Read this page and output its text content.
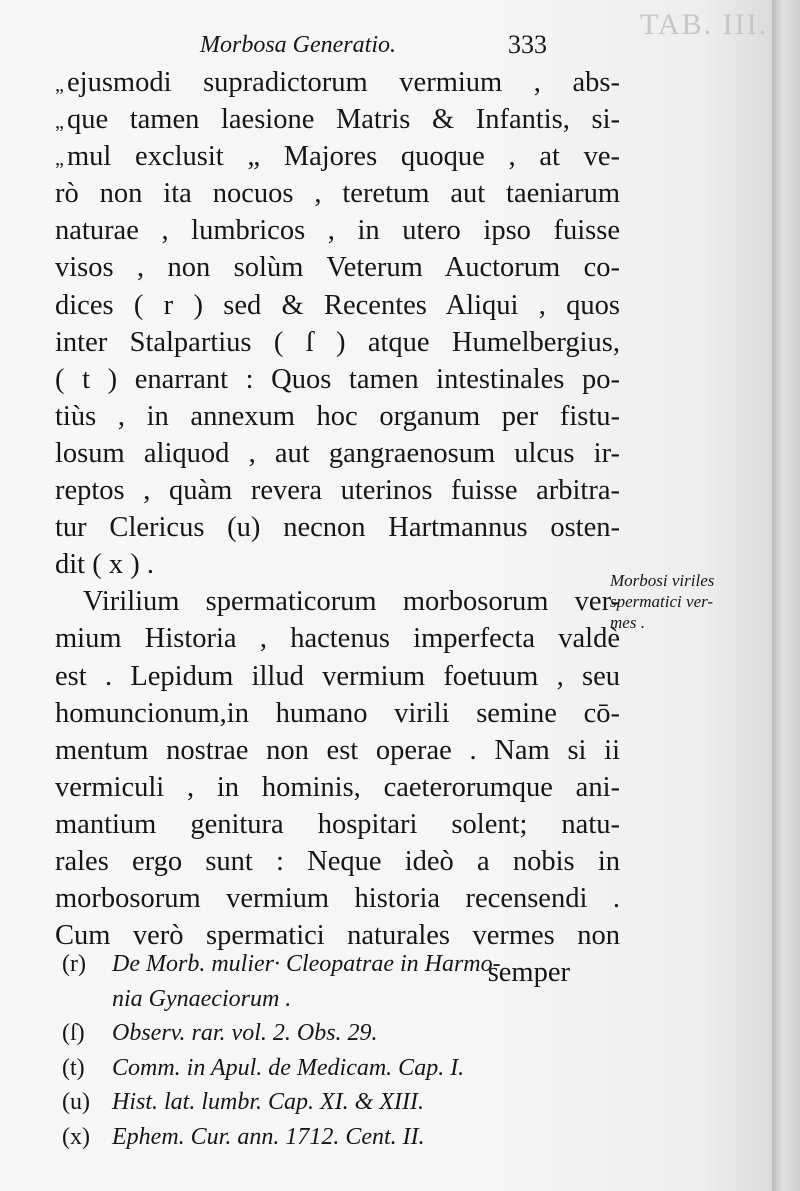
TAB. III.
Morbosa Generatio.	333
„ ejusmodi supradictorum vermium , abs-
„ que tamen laesione Matris & Infantis, si-
„ mul exclusit „ Majores quoque , at ve-
rò non ita nocuos , teretum aut taeniarum
naturae , lumbricos , in utero ipso fuisse
visos , non solùm Veterum Auctorum co-
dices ( r ) sed & Recentes Aliqui , quos
inter Stalpartius ( ſ ) atque Humelbergius,
( t ) enarrant : Quos tamen intestinales po-
tiùs , in annexum hoc organum per fistu-
losum aliquod , aut gangraenosum ulcus ir-
reptos , quàm revera uterinos fuisse arbitra-
tur Clericus (u) necnon Hartmannus osten-
dit ( x ) .
Virilium spermaticorum morbosorum ver-
mium Historia , hactenus imperfecta valdè
est . Lepidum illud vermium foetuum , seu
homuncionum,in humano virili semine cō-
mentum nostrae non est operae . Nam si ii
vermiculi , in hominis, caeterorumque ani-
mantium genitura hospitari solent; natu-
rales ergo sunt : Neque ideò a nobis in
morbosorum vermium historia recensendi .
Cum verò spermatici naturales vermes non
semper
Morbosi viriles
spermatici ver-
mes .
(r) De Morb. mulier· Cleopatrae in Harmo-
nia Gynaeciorum .
(ſ) Observ. rar. vol. 2. Obs. 29.
(t) Comm. in Apul. de Medicam. Cap. I.
(u) Hist. lat. lumbr. Cap. XI. & XIII.
(x) Ephem. Cur. ann. 1712. Cent. II.
